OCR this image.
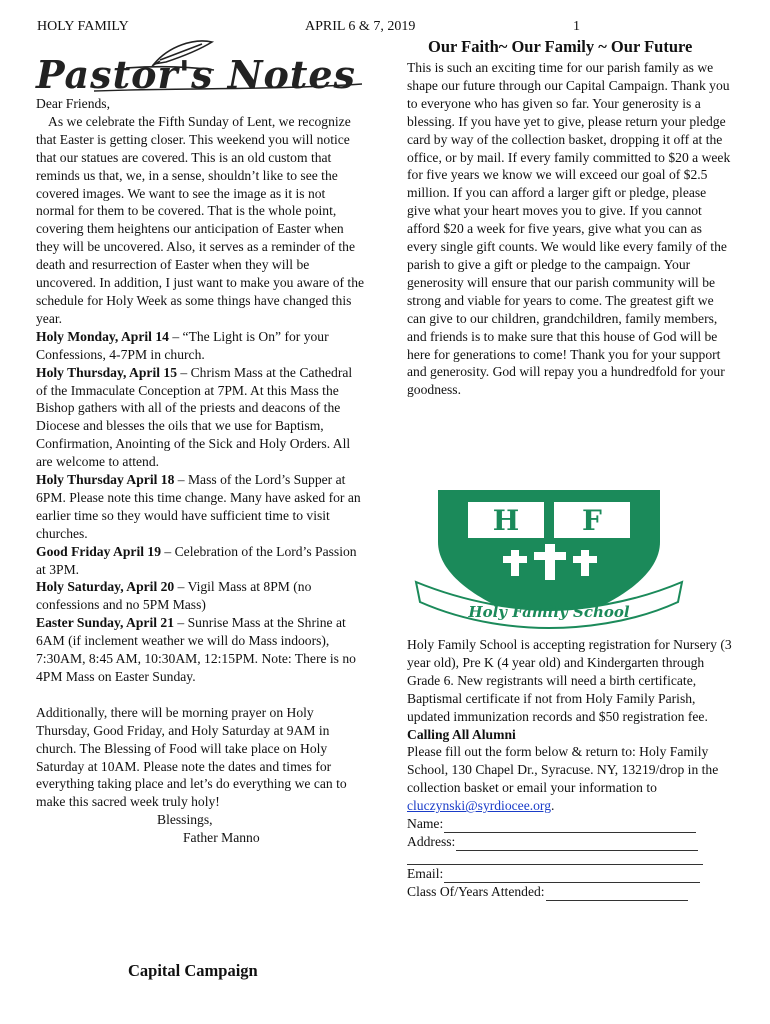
HOLY FAMILY	APRIL 6 & 7, 2019	1
Pastor's Notes

Dear Friends,

As we celebrate the Fifth Sunday of Lent, we recognize that Easter is getting closer. This weekend you will notice that our statues are covered. This is an old custom that reminds us that, we, in a sense, shouldn’t like to see the covered images. We want to see the image as it is not normal for them to be covered. That is the whole point, covering them heightens our anticipation of Easter when they will be uncovered. Also, it serves as a reminder of the death and resurrection of Easter when they will be uncovered. In addition, I just want to make you aware of the schedule for Holy Week as some things have changed this year.

Holy Monday, April 14 – “The Light is On” for your Confessions, 4-7PM in church.

Holy Thursday, April 15 – Chrism Mass at the Cathedral of the Immaculate Conception at 7PM. At this Mass the Bishop gathers with all of the priests and deacons of the Diocese and blesses the oils that we use for Baptism, Confirmation, Anointing of the Sick and Holy Orders. All are welcome to attend.

Holy Thursday April 18 – Mass of the Lord’s Supper at 6PM. Please note this time change. Many have asked for an earlier time so they would have sufficient time to visit churches.

Good Friday April 19 – Celebration of the Lord’s Passion at 3PM.

Holy Saturday, April 20 – Vigil Mass at 8PM (no confessions and no 5PM Mass)

Easter Sunday, April 21 – Sunrise Mass at the Shrine at 6AM (if inclement weather we will do Mass indoors), 7:30AM, 8:45 AM, 10:30AM, 12:15PM. Note: There is no 4PM Mass on Easter Sunday.

Additionally, there will be morning prayer on Holy Thursday, Good Friday, and Holy Saturday at 9AM in church. The Blessing of Food will take place on Holy Saturday at 10AM. Please note the dates and times for everything taking place and let’s do everything we can to make this sacred week truly holy!

Blessings,

Father Manno

Capital Campaign
Our Faith~ Our Family ~ Our Future

This is such an exciting time for our parish family as we shape our future through our Capital Campaign. Thank you to everyone who has given so far. Your generosity is a blessing. If you have yet to give, please return your pledge card by way of the collection basket, dropping it off at the office, or by mail. If every family committed to $20 a week for five years we know we will exceed our goal of $2.5 million. If you can afford a larger gift or pledge, please give what your heart moves you to give. If you cannot afford $20 a week for five years, give what you can as every single gift counts. We would like every family of the parish to give a gift or pledge to the campaign. Your generosity will ensure that our parish community will be strong and viable for years to come. The greatest gift we can give to our children, grandchildren, family members, and friends is to make sure that this house of God will be here for generations to come! Thank you for your support and generosity. God will repay you a hundredfold for your goodness.

H F
Holy Family School

Holy Family School is accepting registration for Nursery (3 year old), Pre K (4 year old) and Kindergarten through Grade 6. New registrants will need a birth certificate, Baptismal certificate if not from Holy Family Parish, updated immunization records and $50 registration fee.

Calling All Alumni

Please fill out the form below & return to: Holy Family School, 130 Chapel Dr., Syracuse. NY, 13219/drop in the collection basket or email your information to cluczynski@syrdiocee.org.

Name:
Address:
Email:
Class Of/Years Attended:
